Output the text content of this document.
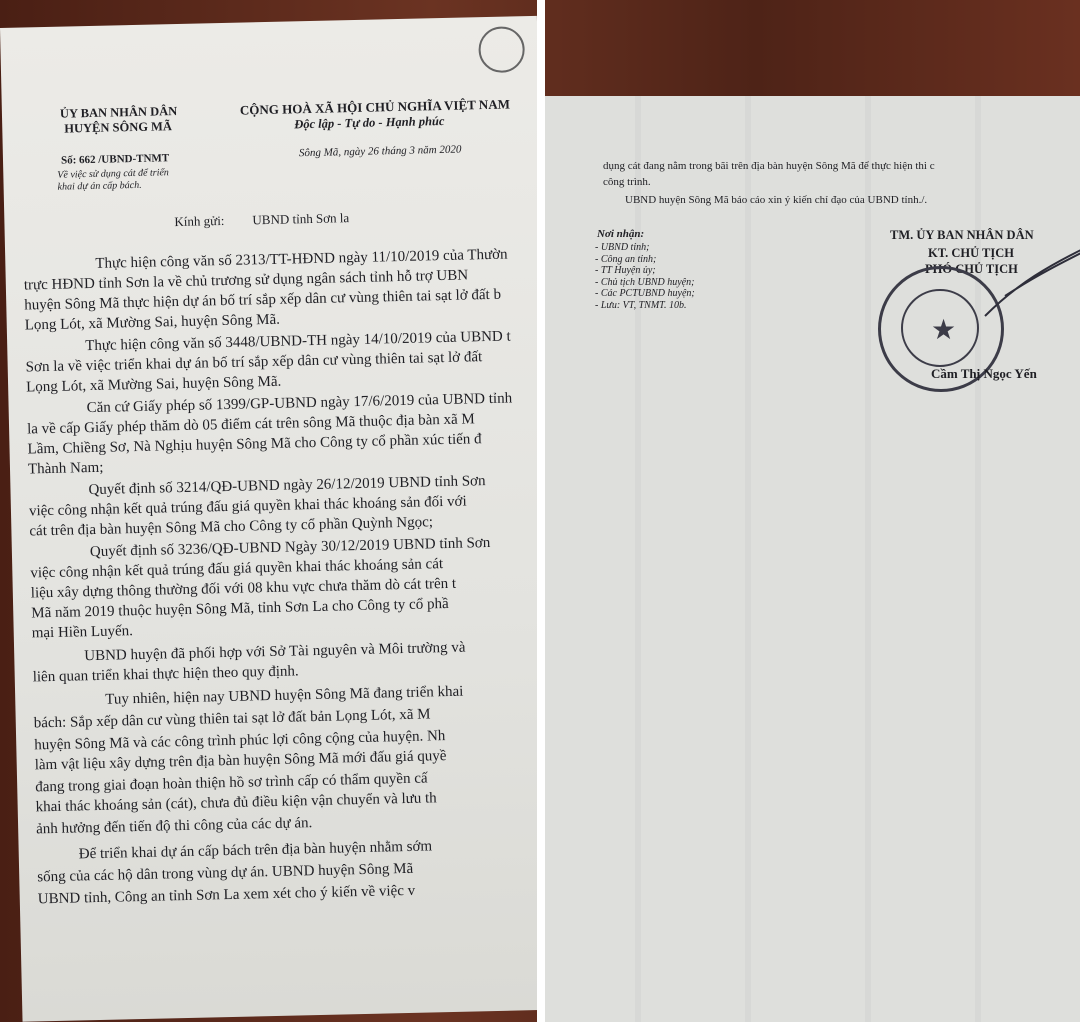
ỦY BAN NHÂN DÂN
HUYỆN SÔNG MÃ
CỘNG HOÀ XÃ HỘI CHỦ NGHĨA VIỆT NAM
Độc lập - Tự do - Hạnh phúc
Số: 662 /UBND-TNMT
Về việc sử dụng cát để triển
khai dự án cấp bách.
Sông Mã, ngày 26 tháng 3 năm 2020
Kính gửi: UBND tỉnh Sơn la
Thực hiện công văn số 2313/TT-HĐND ngày 11/10/2019 của Thườn
trực HĐND tỉnh Sơn la về chủ trương sử dụng ngân sách tỉnh hỗ trợ UBN
huyện Sông Mã thực hiện dự án bố trí sắp xếp dân cư vùng thiên tai sạt lở đất b
Lọng Lót, xã Mường Sai, huyện Sông Mã.
Thực hiện công văn số 3448/UBND-TH ngày 14/10/2019 của UBND t
Sơn la về việc triển khai dự án bố trí sắp xếp dân cư vùng thiên tai sạt lở đất
Lọng Lót, xã Mường Sai, huyện Sông Mã.
Căn cứ Giấy phép số 1399/GP-UBND ngày 17/6/2019 của UBND tỉnh
la về cấp Giấy phép thăm dò 05 điểm cát trên sông Mã thuộc địa bàn xã M
Lầm, Chiềng Sơ, Nà Nghịu huyện Sông Mã cho Công ty cổ phần xúc tiến đ
Thành Nam;
Quyết định số 3214/QĐ-UBND ngày 26/12/2019 UBND tỉnh Sơn
việc công nhận kết quả trúng đấu giá quyền khai thác khoáng sản đối với
cát trên địa bàn huyện Sông Mã cho Công ty cổ phần Quỳnh Ngọc;
Quyết định số 3236/QĐ-UBND Ngày 30/12/2019 UBND tỉnh Sơn
việc công nhận kết quả trúng đấu giá quyền khai thác khoáng sản cát
liệu xây dựng thông thường đối với 08 khu vực chưa thăm dò cát trên t
Mã năm 2019 thuộc huyện Sông Mã, tỉnh Sơn La cho Công ty cổ phầ
mại Hiền Luyến.
UBND huyện đã phối hợp với Sở Tài nguyên và Môi trường và
liên quan triển khai thực hiện theo quy định.
Tuy nhiên, hiện nay UBND huyện Sông Mã đang triển khai
bách: Sắp xếp dân cư vùng thiên tai sạt lở đất bản Lọng Lót, xã M
huyện Sông Mã và các công trình phúc lợi công cộng của huyện. Nh
làm vật liệu xây dựng trên địa bàn huyện Sông Mã mới đấu giá quyề
đang trong giai đoạn hoàn thiện hồ sơ trình cấp có thẩm quyền cấ
khai thác khoáng sản (cát), chưa đủ điều kiện vận chuyển và lưu th
ảnh hưởng đến tiến độ thi công của các dự án.
Để triển khai dự án cấp bách trên địa bàn huyện nhằm sớm
sống của các hộ dân trong vùng dự án. UBND huyện Sông Mã
UBND tỉnh, Công an tỉnh Sơn La xem xét cho ý kiến về việc v
dụng cát đang nằm trong bãi trên địa bàn huyện Sông Mã để thực hiện thi c
công trình.
UBND huyện Sông Mã báo cáo xin ý kiến chỉ đạo của UBND tỉnh./.
Nơi nhận:
- UBND tỉnh;
- Công an tỉnh;
- TT Huyện ủy;
- Chủ tịch UBND huyện;
- Các PCTUBND huyện;
- Lưu: VT, TNMT. 10b.
TM. ỦY BAN NHÂN DÂN
KT. CHỦ TỊCH
PHÓ CHỦ TỊCH
★
Cầm Thị Ngọc Yến
